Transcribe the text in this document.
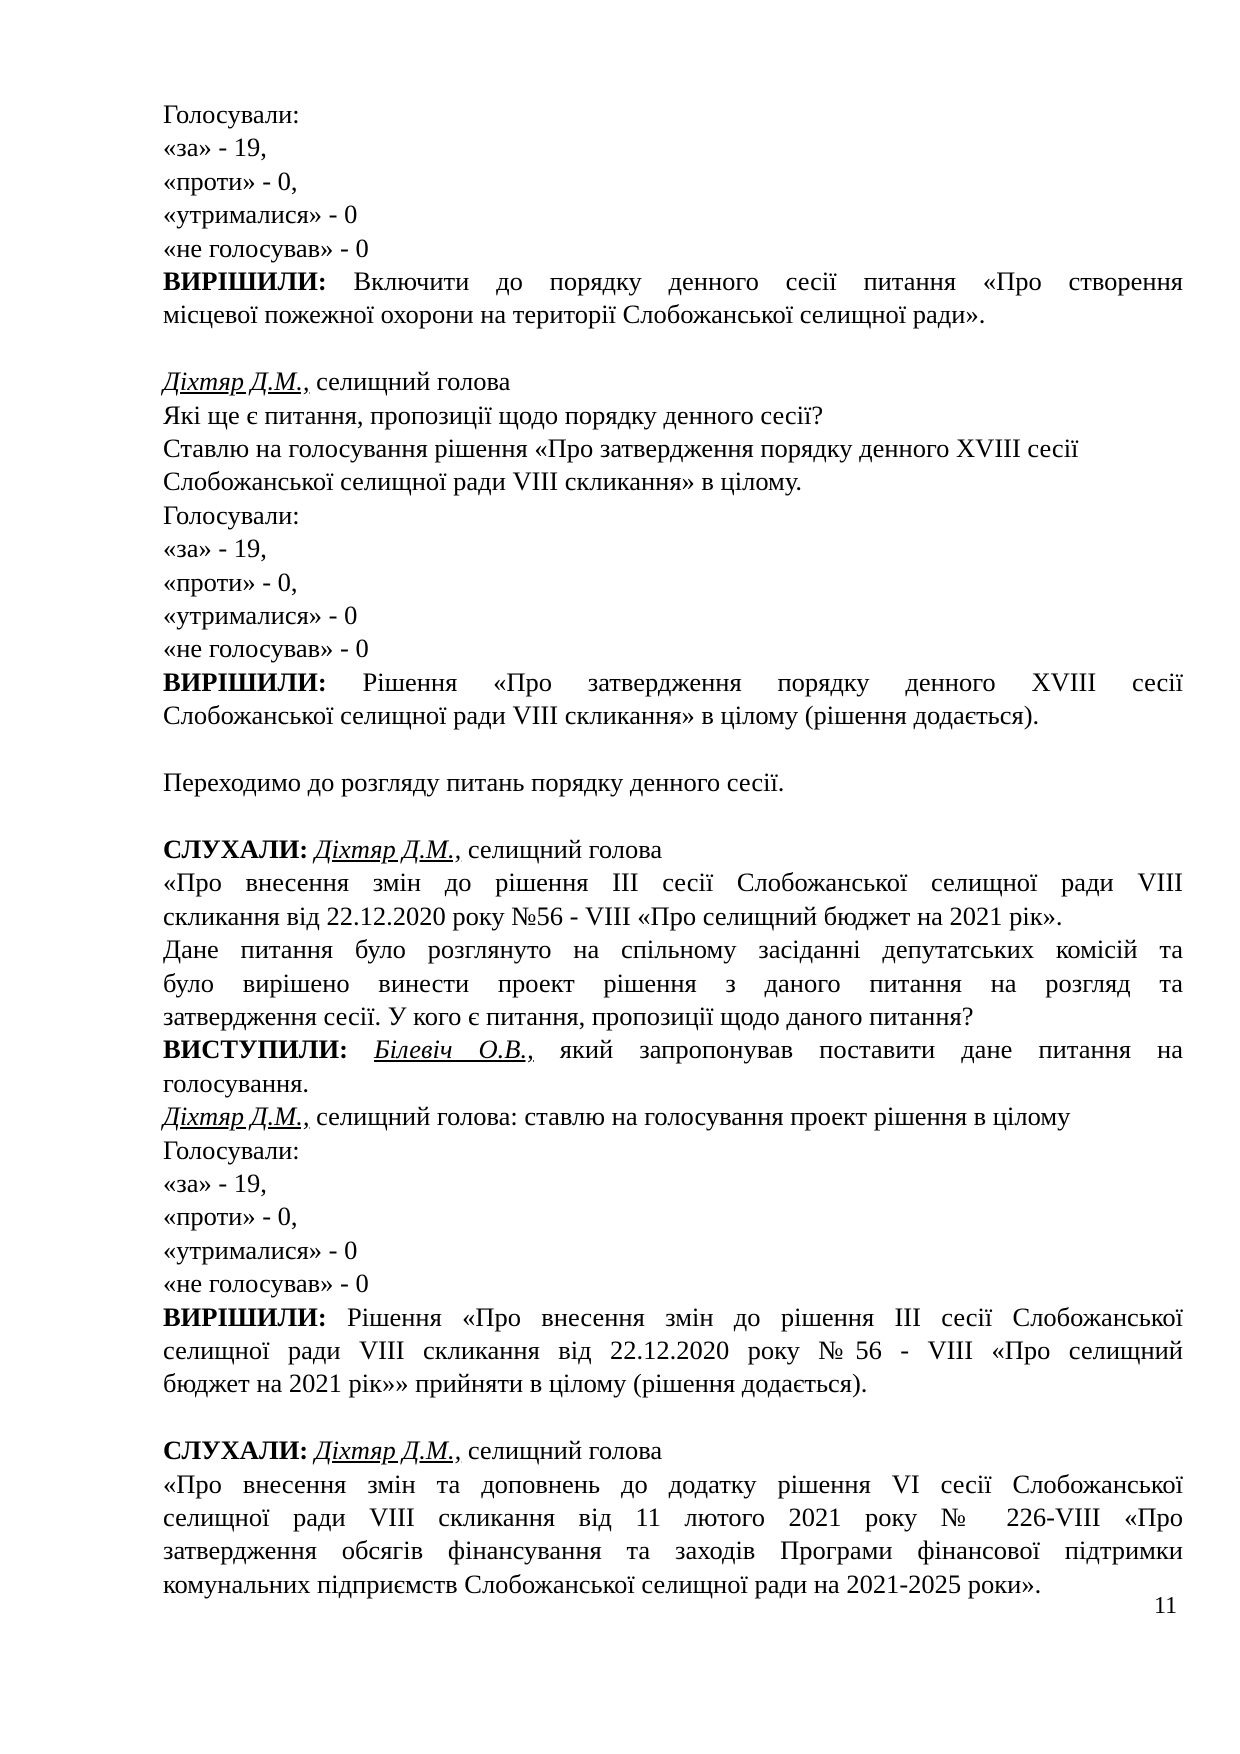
Голосували:
«за» - 19,
«проти» - 0,
«утрималися» - 0
«не голосував» - 0
ВИРІШИЛИ: Включити до порядку денного сесії питання «Про створення
місцевої пожежної охорони на території Слобожанської селищної ради».
Діхтяр Д.М., селищний голова
Які ще є питання, пропозиції щодо порядку денного сесії?
Ставлю на голосування рішення «Про затвердження порядку денного XVIII сесії
Слобожанської селищної ради VIII скликання» в цілому.
Голосували:
«за» - 19,
«проти» - 0,
«утрималися» - 0
«не голосував» - 0
ВИРІШИЛИ: Рішення «Про затвердження порядку денного XVIII сесії
Слобожанської селищної ради VIII скликання» в цілому (рішення додається).
Переходимо до розгляду питань порядку денного сесії.
СЛУХАЛИ: Діхтяр Д.М., селищний голова
«Про внесення змін до рішення ІІІ сесії Слобожанської селищної ради VIII
скликання від 22.12.2020 року №56 - VIII «Про селищний бюджет на 2021 рік».
Дане питання було розглянуто на спільному засіданні депутатських комісій та
було вирішено винести проект рішення з даного питання на розгляд та
затвердження сесії. У кого є питання, пропозиції щодо даного питання?
ВИСТУПИЛИ: Білевіч О.В., який запропонував поставити дане питання на
голосування.
Діхтяр Д.М., селищний голова: ставлю на голосування проект рішення в цілому
Голосували:
«за» - 19,
«проти» - 0,
«утрималися» - 0
«не голосував» - 0
ВИРІШИЛИ: Рішення «Про внесення змін до рішення ІІІ сесії Слобожанської
селищної ради VIII скликання від 22.12.2020 року №56 - VIII «Про селищний
бюджет на 2021 рік»» прийняти в цілому (рішення додається).
СЛУХАЛИ: Діхтяр Д.М., селищний голова
«Про внесення змін та доповнень до додатку рішення VI сесії Слобожанської
селищної ради VIII скликання від 11 лютого 2021 року № 226-VIII «Про
затвердження обсягів фінансування та заходів Програми фінансової підтримки
комунальних підприємств Слобожанської селищної ради на 2021-2025 роки».
11
